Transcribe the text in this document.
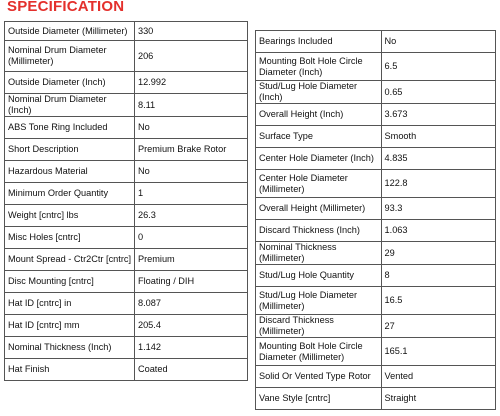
SPECIFICATION
Outside Diameter (Millimeter)	330
Nominal Drum Diameter (Millimeter)	206
Outside Diameter (Inch)	12.992
Nominal Drum Diameter (Inch)	8.11
ABS Tone Ring Included	No
Short Description	Premium Brake Rotor
Hazardous Material	No
Minimum Order Quantity	1
Weight [cntrc] lbs	26.3
Misc Holes [cntrc]	0
Mount Spread - Ctr2Ctr [cntrc]	Premium
Disc Mounting [cntrc]	Floating / DIH
Hat ID [cntrc] in	8.087
Hat ID [cntrc] mm	205.4
Nominal Thickness (Inch)	1.142
Hat Finish	Coated
Bearings Included	No
Mounting Bolt Hole Circle Diameter (Inch)	6.5
Stud/Lug Hole Diameter (Inch)	0.65
Overall Height (Inch)	3.673
Surface Type	Smooth
Center Hole Diameter (Inch)	4.835
Center Hole Diameter (Millimeter)	122.8
Overall Height (Millimeter)	93.3
Discard Thickness (Inch)	1.063
Nominal Thickness (Millimeter)	29
Stud/Lug Hole Quantity	8
Stud/Lug Hole Diameter (Millimeter)	16.5
Discard Thickness (Millimeter)	27
Mounting Bolt Hole Circle Diameter (Millimeter)	165.1
Solid Or Vented Type Rotor	Vented
Vane Style [cntrc]	Straight
